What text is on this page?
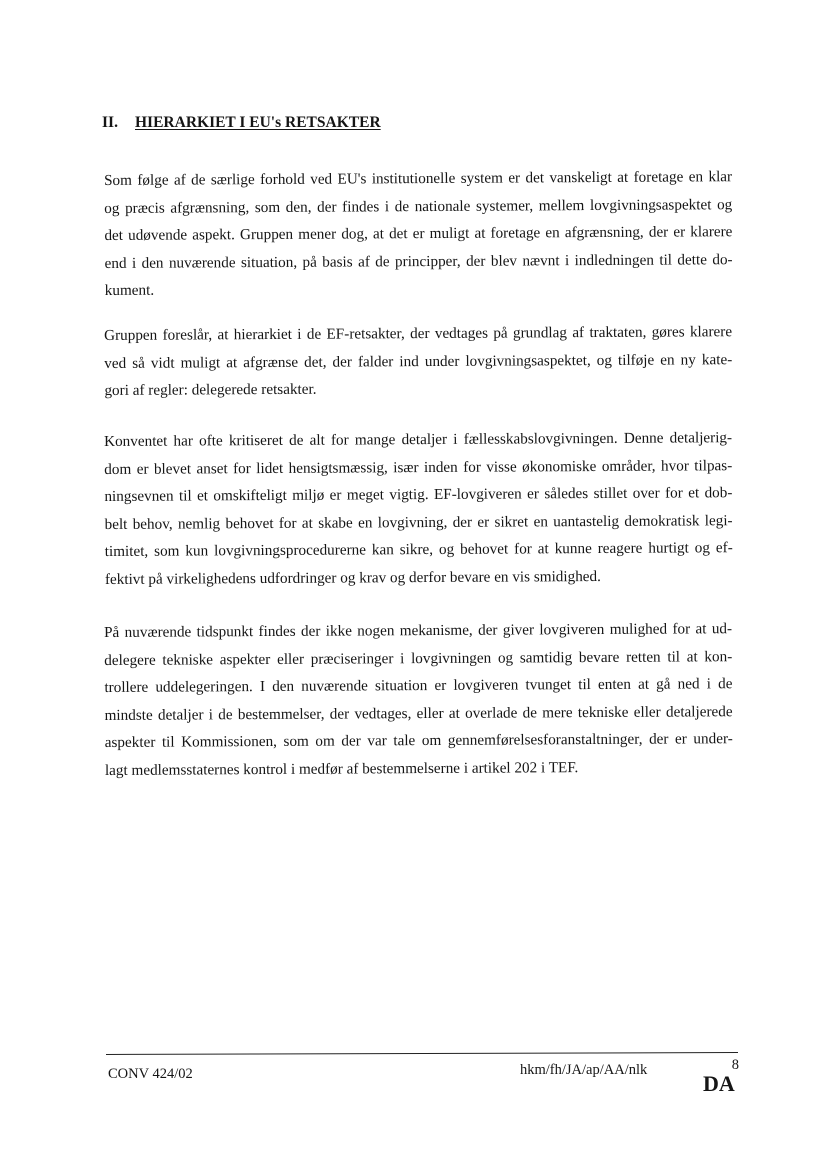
II. HIERARKIET I EU's RETSAKTER
Som følge af de særlige forhold ved EU's institutionelle system er det vanskeligt at foretage en klar
og præcis afgrænsning, som den, der findes i de nationale systemer, mellem lovgivningsaspektet og
det udøvende aspekt. Gruppen mener dog, at det er muligt at foretage en afgrænsning, der er klarere
end i den nuværende situation, på basis af de principper, der blev nævnt i indledningen til dette do-
kument.
Gruppen foreslår, at hierarkiet i de EF-retsakter, der vedtages på grundlag af traktaten, gøres klarere
ved så vidt muligt at afgrænse det, der falder ind under lovgivningsaspektet, og tilføje en ny kate-
gori af regler: delegerede retsakter.
Konventet har ofte kritiseret de alt for mange detaljer i fællesskabslovgivningen. Denne detaljerig-
dom er blevet anset for lidet hensigtsmæssig, især inden for visse økonomiske områder, hvor tilpas-
ningsevnen til et omskifteligt miljø er meget vigtig. EF-lovgiveren er således stillet over for et dob-
belt behov, nemlig behovet for at skabe en lovgivning, der er sikret en uantastelig demokratisk legi-
timitet, som kun lovgivningsprocedurerne kan sikre, og behovet for at kunne reagere hurtigt og ef-
fektivt på virkelighedens udfordringer og krav og derfor bevare en vis smidighed.
På nuværende tidspunkt findes der ikke nogen mekanisme, der giver lovgiveren mulighed for at ud-
delegere tekniske aspekter eller præciseringer i lovgivningen og samtidig bevare retten til at kon-
trollere uddelegeringen. I den nuværende situation er lovgiveren tvunget til enten at gå ned i de
mindste detaljer i de bestemmelser, der vedtages, eller at overlade de mere tekniske eller detaljerede
aspekter til Kommissionen, som om der var tale om gennemførelsesforanstaltninger, der er under-
lagt medlemsstaternes kontrol i medfør af bestemmelserne i artikel 202 i TEF.
CONV 424/02	hkm/fh/JA/ap/AA/nlk	8
DA
